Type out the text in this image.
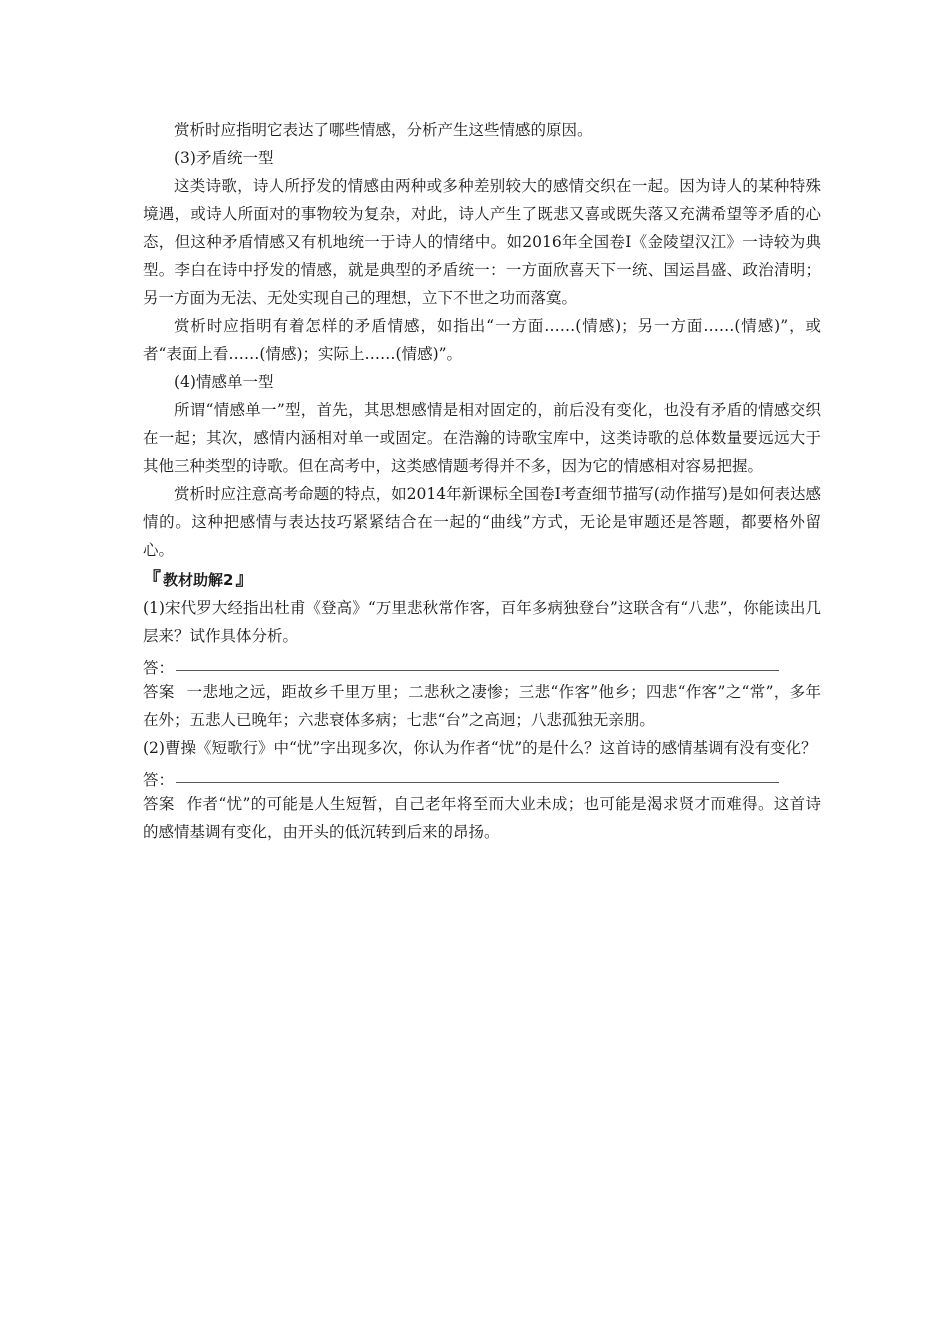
赏析时应指明它表达了哪些情感，分析产生这些情感的原因。

(3)矛盾统一型

这类诗歌，诗人所抒发的情感由两种或多种差别较大的感情交织在一起。因为诗人的某种特殊境遇，或诗人所面对的事物较为复杂，对此，诗人产生了既悲又喜或既失落又充满希望等矛盾的心态，但这种矛盾情感又有机地统一于诗人的情绪中。如2016年全国卷Ⅰ《金陵望汉江》一诗较为典型。李白在诗中抒发的情感，就是典型的矛盾统一：一方面欣喜天下一统、国运昌盛、政治清明；另一方面为无法、无处实现自己的理想，立下不世之功而落寞。

赏析时应指明有着怎样的矛盾情感，如指出“一方面……(情感)；另一方面……(情感)”，或者“表面上看……(情感)；实际上……(情感)”。

(4)情感单一型

所谓“情感单一”型，首先，其思想感情是相对固定的，前后没有变化，也没有矛盾的情感交织在一起；其次，感情内涵相对单一或固定。在浩瀚的诗歌宝库中，这类诗歌的总体数量要远远大于其他三种类型的诗歌。但在高考中，这类感情题考得并不多，因为它的情感相对容易把握。

赏析时应注意高考命题的特点，如2014年新课标全国卷Ⅰ考查细节描写(动作描写)是如何表达感情的。这种把感情与表达技巧紧紧结合在一起的“曲线”方式，无论是审题还是答题，都要格外留心。

『 教材助解2 』

(1)宋代罗大经指出杜甫《登高》“万里悲秋常作客，百年多病独登台”这联含有“八悲”，你能读出几层来？试作具体分析。

答：

答案 一悲地之远，距故乡千里万里；二悲秋之凄惨；三悲“作客”他乡；四悲“作客”之“常”，多年在外；五悲人已晚年；六悲衰体多病；七悲“台”之高迥；八悲孤独无亲朋。

(2)曹操《短歌行》中“忧”字出现多次，你认为作者“忧”的是什么？这首诗的感情基调有没有变化？

答：

答案 作者“忧”的可能是人生短暂，自己老年将至而大业未成；也可能是渴求贤才而难得。这首诗的感情基调有变化，由开头的低沉转到后来的昂扬。
